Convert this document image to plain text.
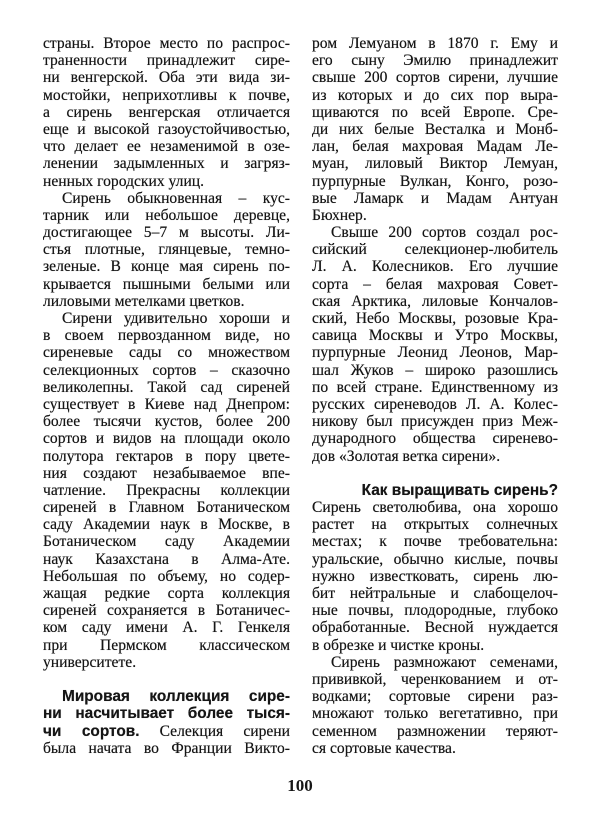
страны. Второе место по распрос-
траненности принадлежит сире-
ни венгерской. Оба эти вида зи-
мостойки, неприхотливы к почве,
а сирень венгерская отличается
еще и высокой газоустойчивостью,
что делает ее незаменимой в озе-
ленении задымленных и загряз-
ненных городских улиц.
Сирень обыкновенная – кус-
тарник или небольшое деревце,
достигающее 5–7 м высоты. Ли-
стья плотные, глянцевые, темно-
зеленые. В конце мая сирень по-
крывается пышными белыми или
лиловыми метелками цветков.
Сирени удивительно хороши и
в своем первозданном виде, но
сиреневые сады со множеством
селекционных сортов – сказочно
великолепны. Такой сад сиреней
существует в Киеве над Днепром:
более тысячи кустов, более 200
сортов и видов на площади около
полутора гектаров в пору цвете-
ния создают незабываемое впе-
чатление. Прекрасны коллекции
сиреней в Главном Ботаническом
саду Академии наук в Москве, в
Ботаническом саду Академии
наук Казахстана в Алма-Ате.
Небольшая по объему, но содер-
жащая редкие сорта коллекция
сиреней сохраняется в Ботаничес-
ком саду имени А. Г. Генкеля
при Пермском классическом
университете.
Мировая коллекция сире-
ни насчитывает более тыся-
чи сортов. Селекция сирени
была начата во Франции Викто-
ром Лемуаном в 1870 г. Ему и
его сыну Эмилю принадлежит
свыше 200 сортов сирени, лучшие
из которых и до сих пор выра-
щиваются по всей Европе. Сре-
ди них белые Весталка и Монб-
лан, белая махровая Мадам Ле-
муан, лиловый Виктор Лемуан,
пурпурные Вулкан, Конго, розо-
вые Ламарк и Мадам Антуан
Бюхнер.
Свыше 200 сортов создал рос-
сийский селекционер-любитель
Л. А. Колесников. Его лучшие
сорта – белая махровая Совет-
ская Арктика, лиловые Кончалов-
ский, Небо Москвы, розовые Кра-
савица Москвы и Утро Москвы,
пурпурные Леонид Леонов, Мар-
шал Жуков – широко разошлись
по всей стране. Единственному из
русских сиреневодов Л. А. Колес-
никову был присужден приз Меж-
дународного общества сиренево-
дов «Золотая ветка сирени».
Как выращивать сирень?
Сирень светолюбива, она хорошо
растет на открытых солнечных
местах; к почве требовательна:
уральские, обычно кислые, почвы
нужно известковать, сирень лю-
бит нейтральные и слабощелоч-
ные почвы, плодородные, глубоко
обработанные. Весной нуждается
в обрезке и чистке кроны.
Сирень размножают семенами,
прививкой, черенкованием и от-
водками; сортовые сирени раз-
множают только вегетативно, при
семенном размножении теряют-
ся сортовые качества.
100
